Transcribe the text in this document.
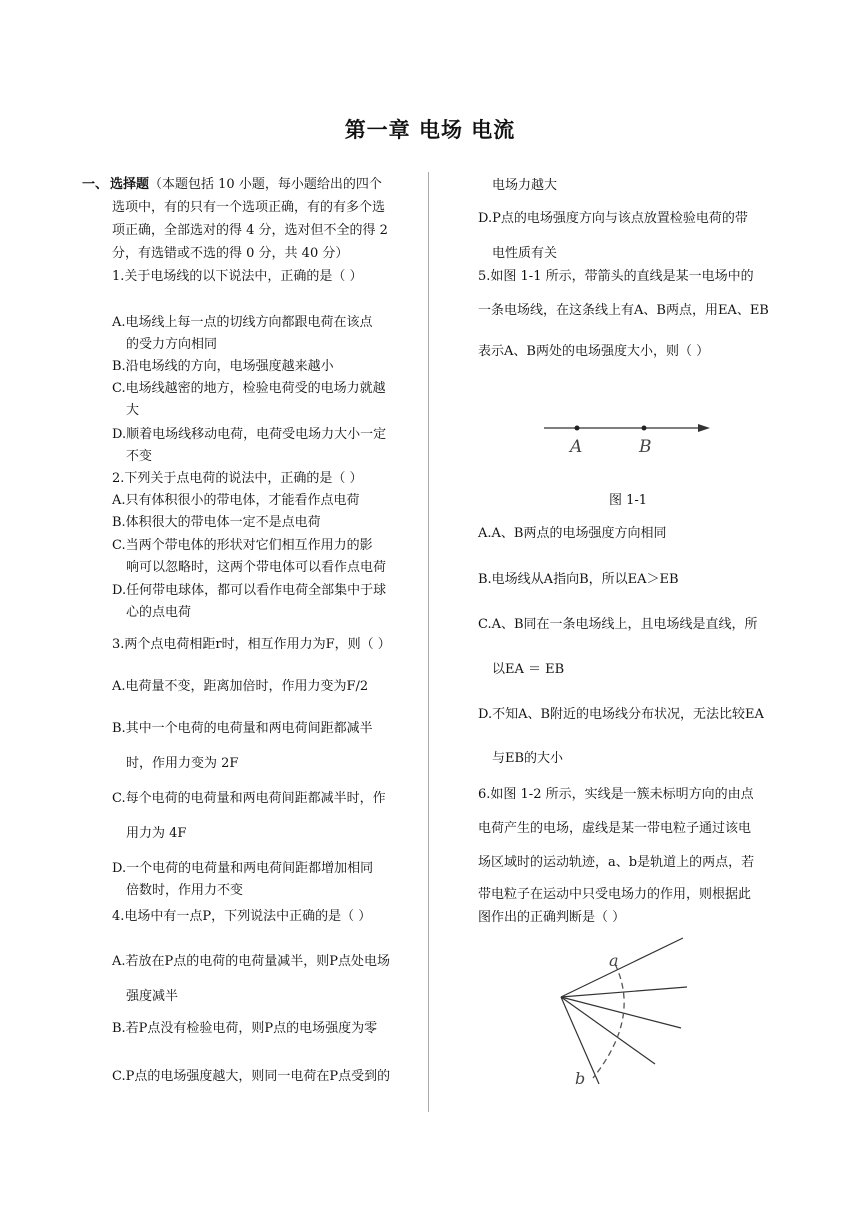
第一章 电场 电流
一、 选择题（本题包括 10 小题，每小题给出的四个
选项中，有的只有一个选项正确，有的有多个选
项正确，全部选对的得 4 分，选对但不全的得 2
分，有选错或不选的得 0 分，共 40 分）
1.关于电场线的以下说法中，正确的是（ ）
A.电场线上每一点的切线方向都跟电荷在该点
的受力方向相同
B.沿电场线的方向，电场强度越来越小
C.电场线越密的地方，检验电荷受的电场力就越
大
D.顺着电场线移动电荷，电荷受电场力大小一定
不变
2.下列关于点电荷的说法中，正确的是（ ）
A.只有体积很小的带电体，才能看作点电荷
B.体积很大的带电体一定不是点电荷
C.当两个带电体的形状对它们相互作用力的影
响可以忽略时，这两个带电体可以看作点电荷
D.任何带电球体，都可以看作电荷全部集中于球
心的点电荷
3.两个点电荷相距r时，相互作用力为F，则（ ）
A.电荷量不变，距离加倍时，作用力变为F/2
B.其中一个电荷的电荷量和两电荷间距都减半
时，作用力变为 2F
C.每个电荷的电荷量和两电荷间距都减半时，作
用力为 4F
D.一个电荷的电荷量和两电荷间距都增加相同
倍数时，作用力不变
4.电场中有一点P，下列说法中正确的是（ ）
A.若放在P点的电荷的电荷量减半，则P点处电场
强度减半
B.若P点没有检验电荷，则P点的电场强度为零
C.P点的电场强度越大，则同一电荷在P点受到的
电场力越大
D.P点的电场强度方向与该点放置检验电荷的带
电性质有关
5.如图 1-1 所示，带箭头的直线是某一电场中的
一条电场线，在这条线上有A、B两点，用EA、EB
表示A、B两处的电场强度大小，则（ ）
A.A、B两点的电场强度方向相同
B.电场线从A指向B，所以EA＞EB
C.A、B同在一条电场线上，且电场线是直线，所
以EA ＝ EB
D.不知A、B附近的电场线分布状况，无法比较EA
与EB的大小
6.如图 1-2 所示，实线是一簇未标明方向的由点
电荷产生的电场，虚线是某一带电粒子通过该电
场区域时的运动轨迹，a、b是轨道上的两点，若
带电粒子在运动中只受电场力的作用，则根据此
图作出的正确判断是（ ）
A	B
图 1-1
a
b
